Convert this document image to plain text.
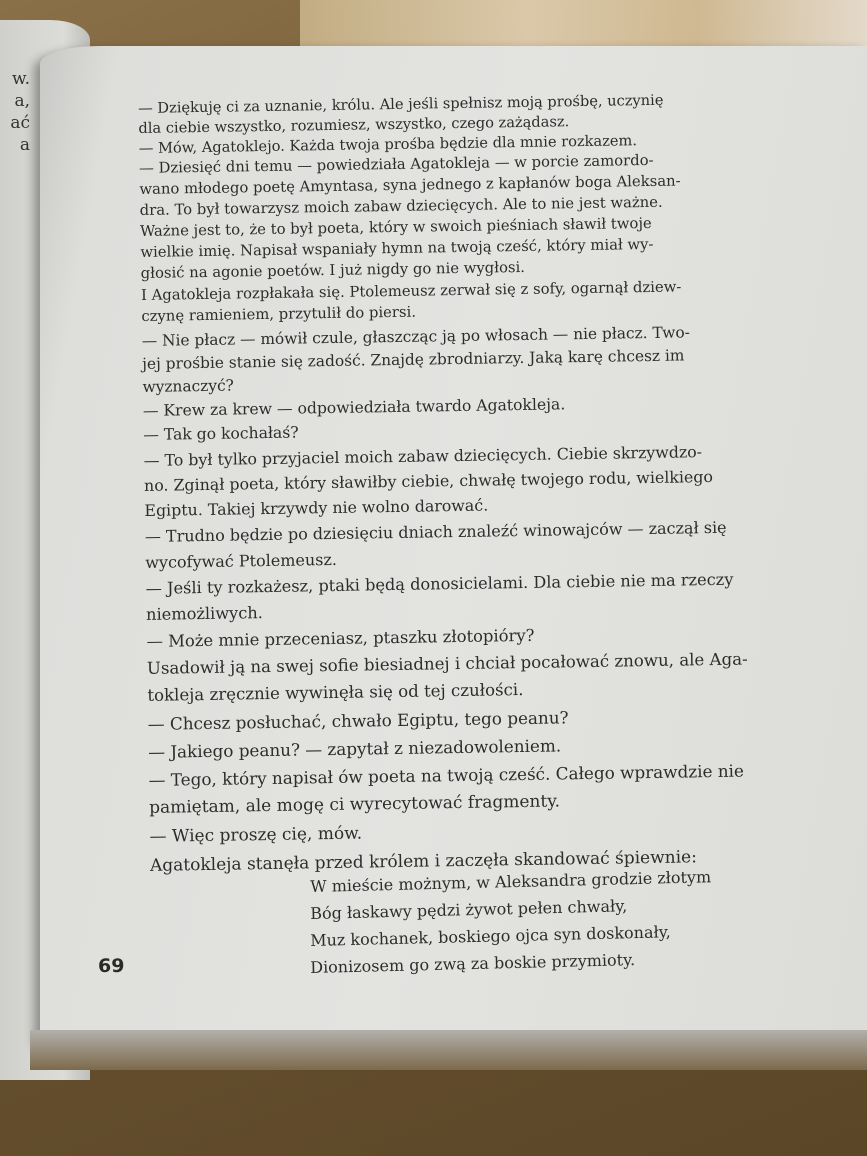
w.
a,
ać
a
— Dziękuję ci za uznanie, królu. Ale jeśli spełnisz moją prośbę, uczynię
dla ciebie wszystko, rozumiesz, wszystko, czego zażądasz.
— Mów, Agatoklejo. Każda twoja prośba będzie dla mnie rozkazem.
— Dziesięć dni temu — powiedziała Agatokleja — w porcie zamordo-
wano młodego poetę Amyntasa, syna jednego z kapłanów boga Aleksan-
dra. To był towarzysz moich zabaw dziecięcych. Ale to nie jest ważne.
Ważne jest to, że to był poeta, który w swoich pieśniach sławił twoje
wielkie imię. Napisał wspaniały hymn na twoją cześć, który miał wy-
głosić na agonie poetów. I już nigdy go nie wygłosi.
I Agatokleja rozpłakała się. Ptolemeusz zerwał się z sofy, ogarnął dziew-
czynę ramieniem, przytulił do piersi.
— Nie płacz — mówił czule, głaszcząc ją po włosach — nie płacz. Two-
jej prośbie stanie się zadość. Znajdę zbrodniarzy. Jaką karę chcesz im
wyznaczyć?
— Krew za krew — odpowiedziała twardo Agatokleja.
— Tak go kochałaś?
— To był tylko przyjaciel moich zabaw dziecięcych. Ciebie skrzywdzo-
no. Zginął poeta, który sławiłby ciebie, chwałę twojego rodu, wielkiego
Egiptu. Takiej krzywdy nie wolno darować.
— Trudno będzie po dziesięciu dniach znaleźć winowajców — zaczął się
wycofywać Ptolemeusz.
— Jeśli ty rozkażesz, ptaki będą donosicielami. Dla ciebie nie ma rzeczy
niemożliwych.
— Może mnie przeceniasz, ptaszku złotopióry?
Usadowił ją na swej sofie biesiadnej i chciał pocałować znowu, ale Aga-
tokleja zręcznie wywinęła się od tej czułości.
— Chcesz posłuchać, chwało Egiptu, tego peanu?
— Jakiego peanu? — zapytał z niezadowoleniem.
— Tego, który napisał ów poeta na twoją cześć. Całego wprawdzie nie
pamiętam, ale mogę ci wyrecytować fragmenty.
— Więc proszę cię, mów.
Agatokleja stanęła przed królem i zaczęła skandować śpiewnie:
W mieście możnym, w Aleksandra grodzie złotym
Bóg łaskawy pędzi żywot pełen chwały,
Muz kochanek, boskiego ojca syn doskonały,
Dionizosem go zwą za boskie przymioty.
69
